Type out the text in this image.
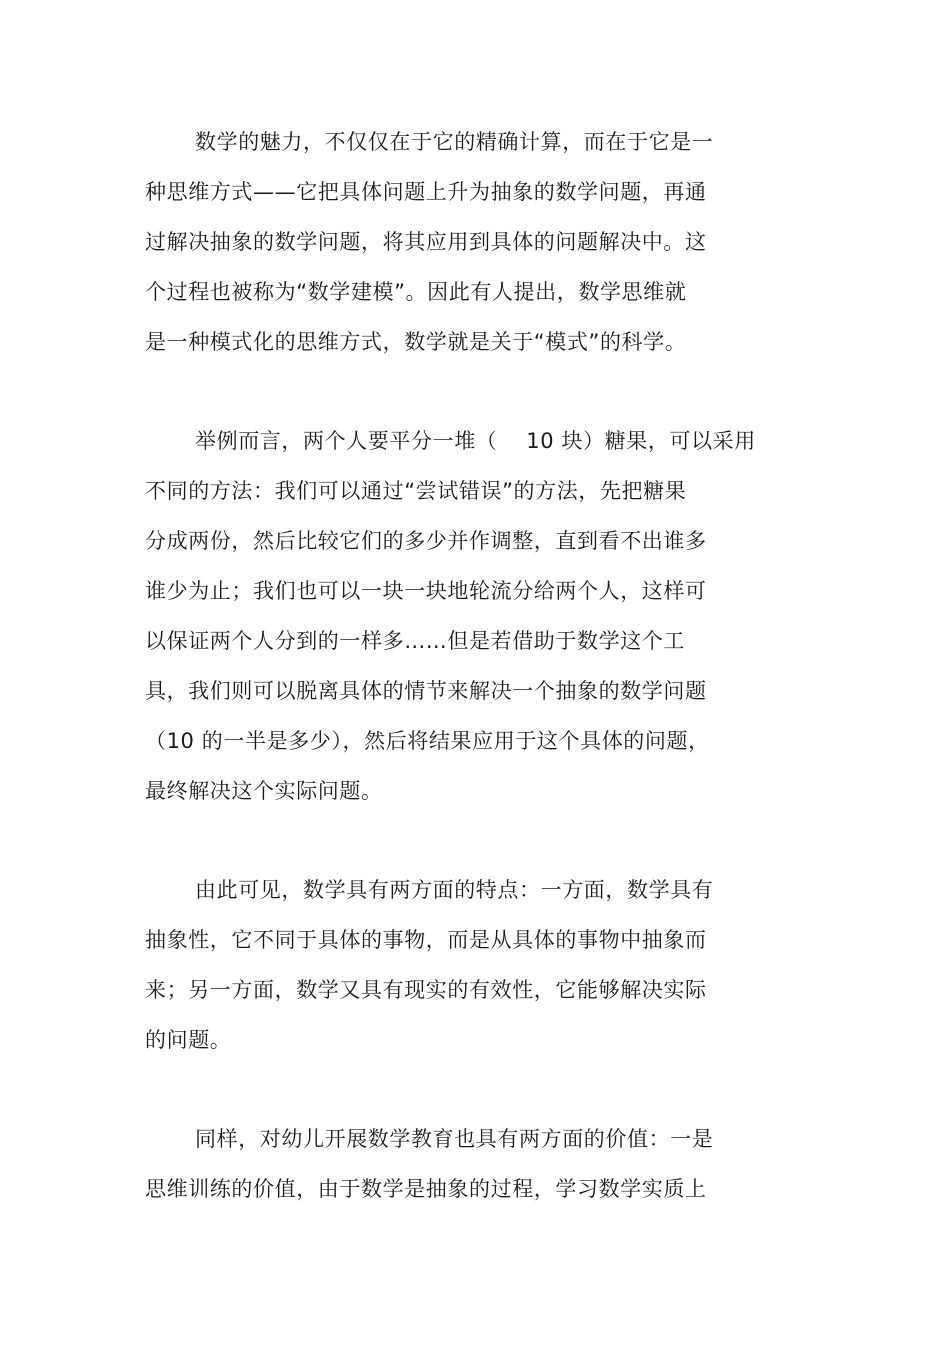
数学的魅力，不仅仅在于它的精确计算，而在于它是一
种思维方式——它把具体问题上升为抽象的数学问题，再通
过解决抽象的数学问题，将其应用到具体的问题解决中。这
个过程也被称为“数学建模”。因此有人提出，数学思维就
是一种模式化的思维方式，数学就是关于“模式”的科学。
举例而言，两个人要平分一堆（　 10 块）糖果，可以采用
不同的方法：我们可以通过“尝试错误”的方法，先把糖果
分成两份，然后比较它们的多少并作调整，直到看不出谁多
谁少为止；我们也可以一块一块地轮流分给两个人，这样可
以保证两个人分到的一样多……但是若借助于数学这个工
具，我们则可以脱离具体的情节来解决一个抽象的数学问题
（10 的一半是多少），然后将结果应用于这个具体的问题，
最终解决这个实际问题。
由此可见，数学具有两方面的特点：一方面，数学具有
抽象性，它不同于具体的事物，而是从具体的事物中抽象而
来；另一方面，数学又具有现实的有效性，它能够解决实际
的问题。
同样，对幼儿开展数学教育也具有两方面的价值：一是
思维训练的价值，由于数学是抽象的过程，学习数学实质上
